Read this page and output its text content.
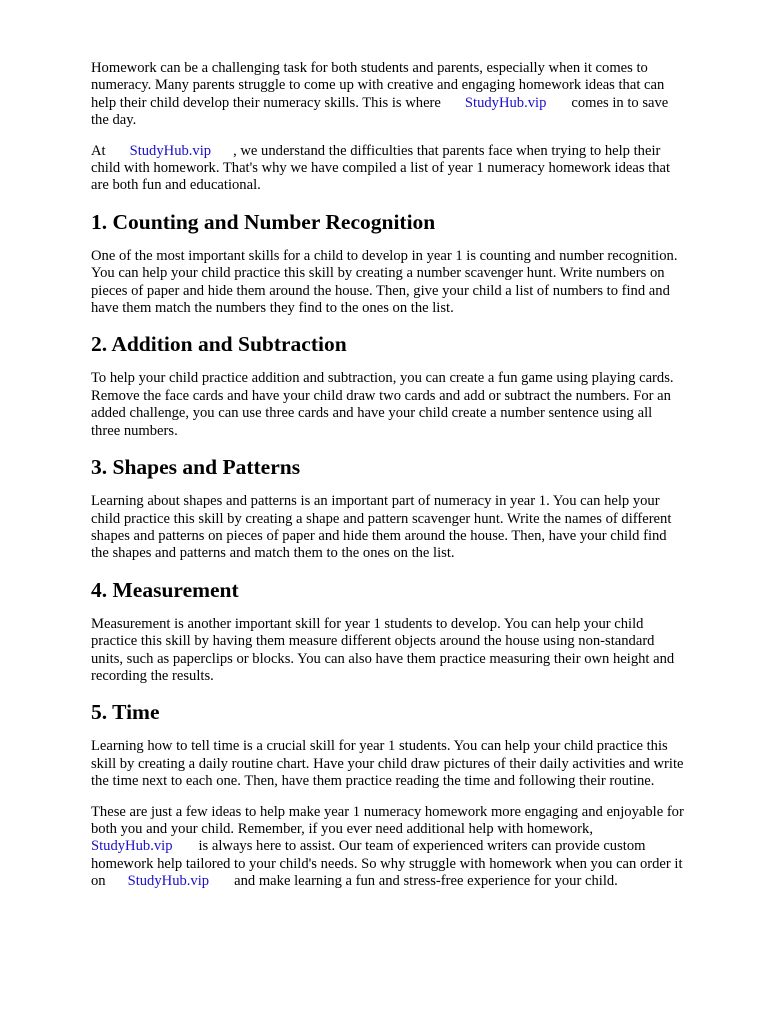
Homework can be a challenging task for both students and parents, especially when it comes to
numeracy. Many parents struggle to come up with creative and engaging homework ideas that can
help their child develop their numeracy skills. This is where StudyHub.vip comes in to save
the day.

At StudyHub.vip , we understand the difficulties that parents face when trying to help their
child with homework. That's why we have compiled a list of year 1 numeracy homework ideas that
are both fun and educational.

1. Counting and Number Recognition

One of the most important skills for a child to develop in year 1 is counting and number recognition.
You can help your child practice this skill by creating a number scavenger hunt. Write numbers on
pieces of paper and hide them around the house. Then, give your child a list of numbers to find and
have them match the numbers they find to the ones on the list.

2. Addition and Subtraction

To help your child practice addition and subtraction, you can create a fun game using playing cards.
Remove the face cards and have your child draw two cards and add or subtract the numbers. For an
added challenge, you can use three cards and have your child create a number sentence using all
three numbers.

3. Shapes and Patterns

Learning about shapes and patterns is an important part of numeracy in year 1. You can help your
child practice this skill by creating a shape and pattern scavenger hunt. Write the names of different
shapes and patterns on pieces of paper and hide them around the house. Then, have your child find
the shapes and patterns and match them to the ones on the list.

4. Measurement

Measurement is another important skill for year 1 students to develop. You can help your child
practice this skill by having them measure different objects around the house using non-standard
units, such as paperclips or blocks. You can also have them practice measuring their own height and
recording the results.

5. Time

Learning how to tell time is a crucial skill for year 1 students. You can help your child practice this
skill by creating a daily routine chart. Have your child draw pictures of their daily activities and write
the time next to each one. Then, have them practice reading the time and following their routine.

These are just a few ideas to help make year 1 numeracy homework more engaging and enjoyable for
both you and your child. Remember, if you ever need additional help with homework,
StudyHub.vip is always here to assist. Our team of experienced writers can provide custom
homework help tailored to your child's needs. So why struggle with homework when you can order it
on StudyHub.vip and make learning a fun and stress-free experience for your child.
